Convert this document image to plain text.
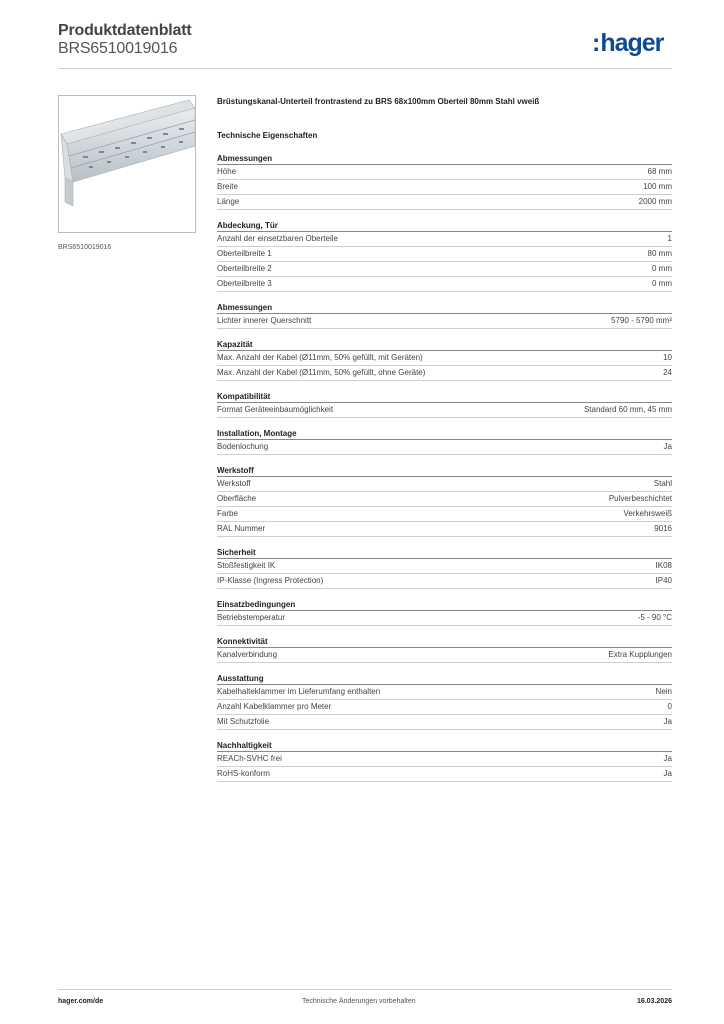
Produktdatenblatt
BRS6510019016	:hager
BRS6510019016
Brüstungskanal-Unterteil frontrastend zu BRS 68x100mm Oberteil 80mm Stahl vweiß
Technische Eigenschaften
Abmessungen
Höhe	68 mm
Breite	100 mm
Länge	2000 mm
Abdeckung, Tür
Anzahl der einsetzbaren Oberteile	1
Oberteilbreite 1	80 mm
Oberteilbreite 2	0 mm
Oberteilbreite 3	0 mm
Abmessungen
Lichter innerer Querschnitt	5790 - 5790 mm²
Kapazität
Max. Anzahl der Kabel (Ø11mm, 50% gefüllt, mit Geräten)	10
Max. Anzahl der Kabel (Ø11mm, 50% gefüllt, ohne Geräte)	24
Kompatibilität
Format Geräteeinbaumöglichkeit	Standard 60 mm, 45 mm
Installation, Montage
Bodenlochung	Ja
Werkstoff
Werkstoff	Stahl
Oberfläche	Pulverbeschichtet
Farbe	Verkehrsweiß
RAL Nummer	9016
Sicherheit
Stoßfestigkeit IK	IK08
IP-Klasse (Ingress Protection)	IP40
Einsatzbedingungen
Betriebstemperatur	-5 - 90 °C
Konnektivität
Kanalverbindung	Extra Kupplungen
Ausstattung
Kabelhalteklammer im Lieferumfang enthalten	Nein
Anzahl Kabelklammer pro Meter	0
Mit Schutzfolie	Ja
Nachhaltigkeit
REACh-SVHC frei	Ja
RoHS-konform	Ja
hager.com/de	Technische Änderungen vorbehalten	16.03.2026
